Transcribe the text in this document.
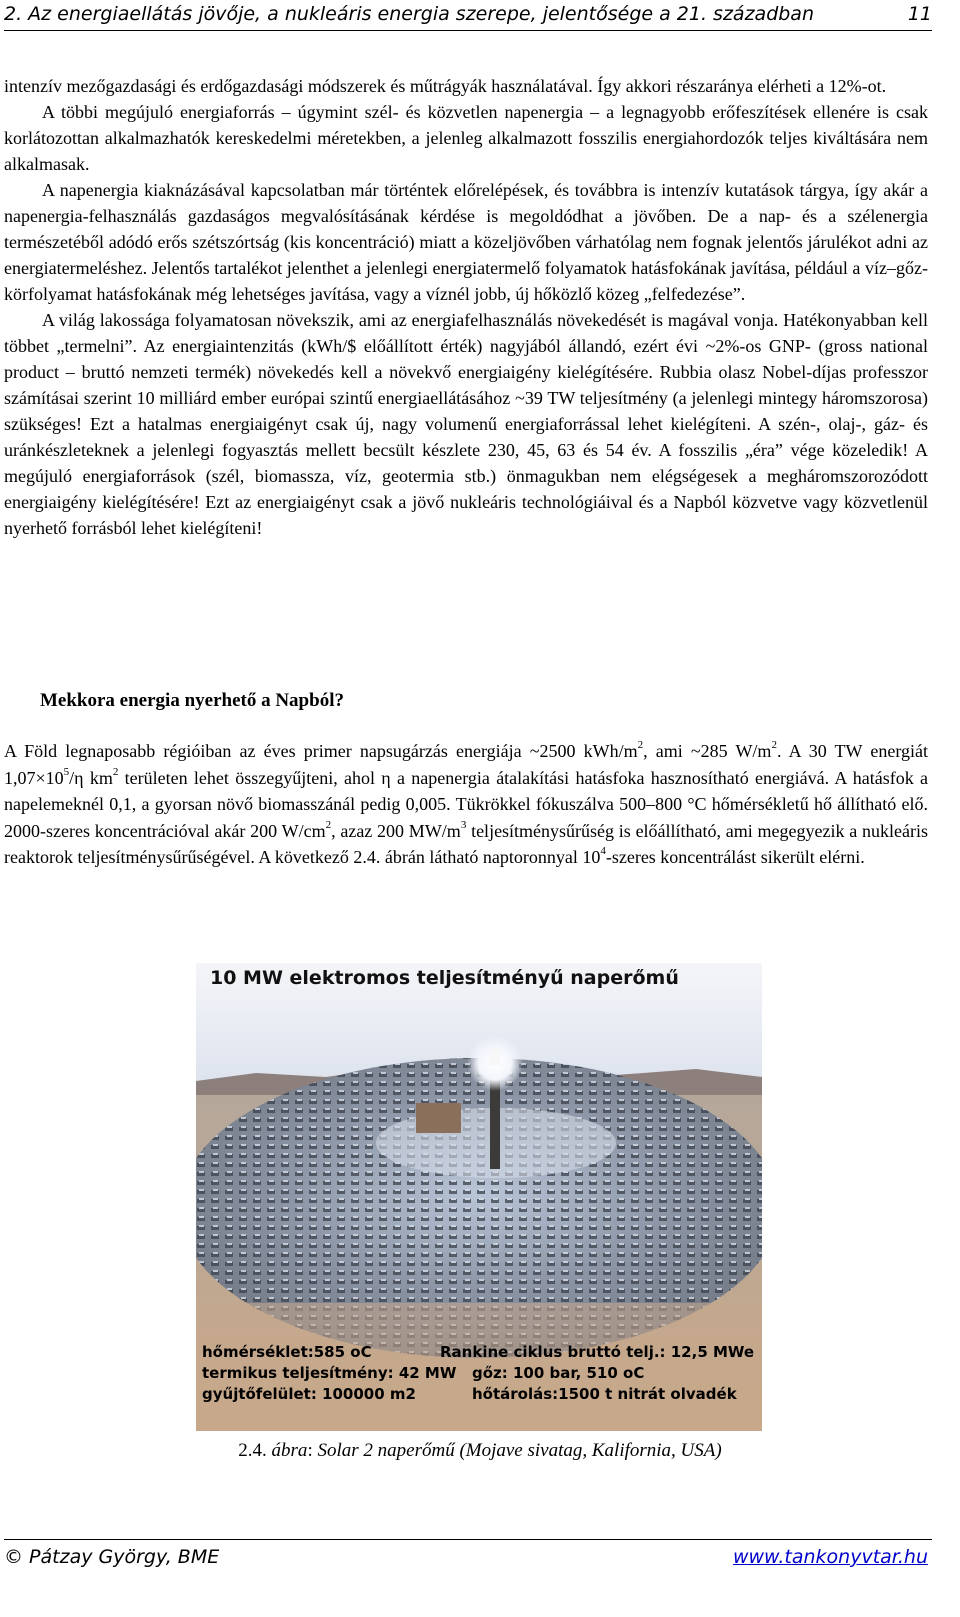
2. Az energiaellátás jövője, a nukleáris energia szerepe, jelentősége a 21. században	11

intenzív mezőgazdasági és erdőgazdasági módszerek és műtrágyák használatával. Így akkori részaránya elérheti a 12%-ot.

A többi megújuló energiaforrás – úgymint szél- és közvetlen napenergia – a legnagyobb erőfeszítések ellenére is csak korlátozottan alkalmazhatók kereskedelmi méretekben, a jelenleg alkalmazott fosszilis energiahordozók teljes kiváltására nem alkalmasak.

A napenergia kiaknázásával kapcsolatban már történtek előrelépések, és továbbra is intenzív kutatások tárgya, így akár a napenergia-felhasználás gazdaságos megvalósításának kérdése is megoldódhat a jövőben. De a nap- és a szélenergia természetéből adódó erős szétszórtság (kis koncentráció) miatt a közeljövőben várhatólag nem fognak jelentős járulékot adni az energiatermeléshez. Jelentős tartalékot jelenthet a jelenlegi energiatermelő folyamatok hatásfokának javítása, például a víz–gőz-körfolyamat hatásfokának még lehetséges javítása, vagy a víznél jobb, új hőközlő közeg „felfedezése”.

A világ lakossága folyamatosan növekszik, ami az energiafelhasználás növekedését is magával vonja. Hatékonyabban kell többet „termelni”. Az energiaintenzitás (kWh/$ előállított érték) nagyjából állandó, ezért évi ~2%-os GNP- (gross national product – bruttó nemzeti termék) növekedés kell a növekvő energiaigény kielégítésére. Rubbia olasz Nobel-díjas professzor számításai szerint 10 milliárd ember európai szintű energiaellátásához ~39 TW teljesítmény (a jelenlegi mintegy háromszorosa) szükséges! Ezt a hatalmas energiaigényt csak új, nagy volumenű energiaforrással lehet kielégíteni. A szén-, olaj-, gáz- és uránkészleteknek a jelenlegi fogyasztás mellett becsült készlete 230, 45, 63 és 54 év. A fosszilis „éra” vége közeledik! A megújuló energiaforrások (szél, biomassza, víz, geotermia stb.) önmagukban nem elégségesek a megháromszorozódott energiaigény kielégítésére! Ezt az energiaigényt csak a jövő nukleáris technológiáival és a Napból közvetve vagy közvetlenül nyerhető forrásból lehet kielégíteni!

Mekkora energia nyerhető a Napból?

A Föld legnaposabb régióiban az éves primer napsugárzás energiája ~2500 kWh/$m^2$, ami ~285 $W/m^2$. A 30 TW energiát $1,07\times 10^5/\eta$ $km^2$ területen lehet összegyűjteni, ahol η a napenergia átalakítási hatásfoka hasznosítható energiává. A hatásfok a napelemeknél 0,1, a gyorsan növő biomasszánál pedig 0,005. Tükrökkel fókuszálva 500–800 °C hőmérsékletű hő állítható elő. 2000-szeres koncentrációval akár 200 $W/cm^2$, azaz 200 $MW/m^3$ teljesítménysűrűség is előállítható, ami megegyezik a nukleáris reaktorok teljesítménysűrűségével. A következő 2.4. ábrán látható naptoronnyal $10^4$-szeres koncentrálást sikerült elérni.

10 MW elektromos teljesítményű naperőmű
hőmérséklet:585 oC
termikus teljesítmény: 42 MW
gyűjtőfelület: 100000 m2
Rankine ciklus bruttó telj.: 12,5 MWe
gőz: 100 bar, 510 oC
hőtárolás:1500 t nitrát olvadék
2.4. ábra: Solar 2 naperőmű (Mojave sivatag, Kalifornia, USA)
© Pátzay György, BME	www.tankonyvtar.hu
